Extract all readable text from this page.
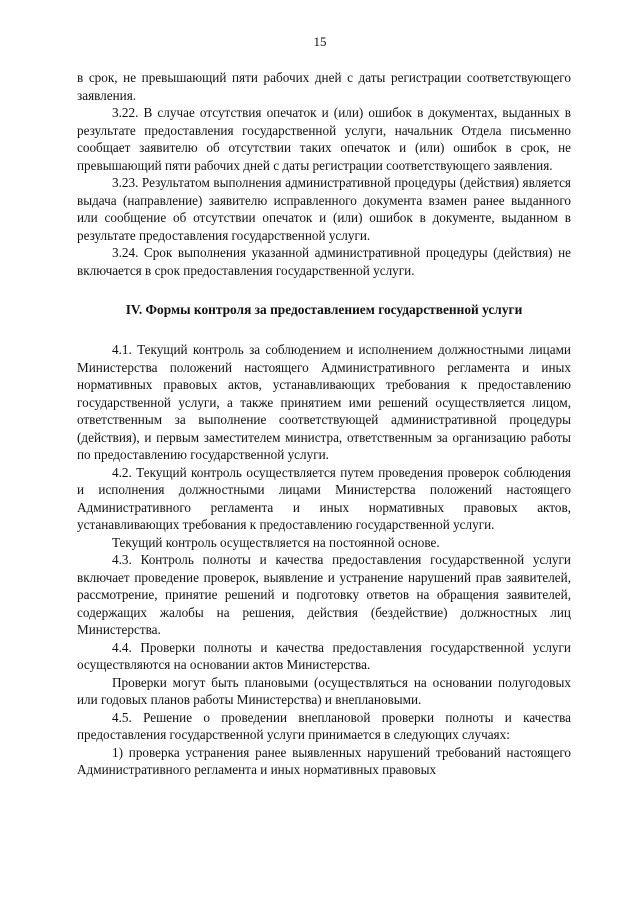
15

в срок, не превышающий пяти рабочих дней с даты регистрации соответствующего заявления.

3.22. В случае отсутствия опечаток и (или) ошибок в документах, выданных в результате предоставления государственной услуги, начальник Отдела письменно сообщает заявителю об отсутствии таких опечаток и (или) ошибок в срок, не превышающий пяти рабочих дней с даты регистрации соответствующего заявления.

3.23. Результатом выполнения административной процедуры (действия) является выдача (направление) заявителю исправленного документа взамен ранее выданного или сообщение об отсутствии опечаток и (или) ошибок в документе, выданном в результате предоставления государственной услуги.

3.24. Срок выполнения указанной административной процедуры (действия) не включается в срок предоставления государственной услуги.

IV. Формы контроля за предоставлением государственной услуги

4.1. Текущий контроль за соблюдением и исполнением должностными лицами Министерства положений настоящего Административного регламента и иных нормативных правовых актов, устанавливающих требования к предоставлению государственной услуги, а также принятием ими решений осуществляется лицом, ответственным за выполнение соответствующей административной процедуры (действия), и первым заместителем министра, ответственным за организацию работы по предоставлению государственной услуги.

4.2. Текущий контроль осуществляется путем проведения проверок соблюдения и исполнения должностными лицами Министерства положений настоящего Административного регламента и иных нормативных правовых актов, устанавливающих требования к предоставлению государственной услуги.

Текущий контроль осуществляется на постоянной основе.

4.3. Контроль полноты и качества предоставления государственной услуги включает проведение проверок, выявление и устранение нарушений прав заявителей, рассмотрение, принятие решений и подготовку ответов на обращения заявителей, содержащих жалобы на решения, действия (бездействие) должностных лиц Министерства.

4.4. Проверки полноты и качества предоставления государственной услуги осуществляются на основании актов Министерства.

Проверки могут быть плановыми (осуществляться на основании полугодовых или годовых планов работы Министерства) и внеплановыми.

4.5. Решение о проведении внеплановой проверки полноты и качества предоставления государственной услуги принимается в следующих случаях:

1) проверка устранения ранее выявленных нарушений требований настоящего Административного регламента и иных нормативных правовых
